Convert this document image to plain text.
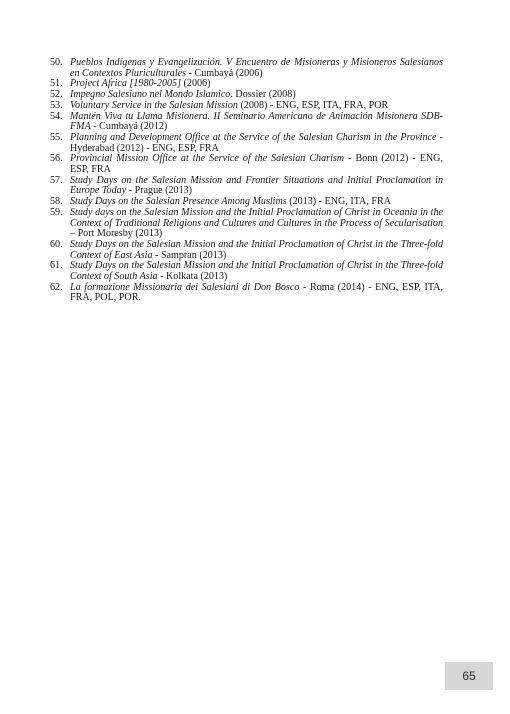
50. Pueblos Indígenas y Evangelización. V Encuentro de Misioneras y Misioneros Salesianos en Contextos Pluriculturales - Cumbayá (2006)
51. Project Africa [1980-2005] (2006)
52. Impegno Salesiano nel Mondo Islamico. Dossier (2008)
53. Voluntary Service in the Salesian Mission (2008) - ENG, ESP, ITA, FRA, POR
54. Mantén Viva tu Llama Misionera. II Seminario Americano de Animación Misionera SDB-FMA - Cumbayá (2012)
55. Planning and Development Office at the Service of the Salesian Charism in the Province - Hyderabad (2012) - ENG, ESP, FRA
56. Provincial Mission Office at the Service of the Salesian Charism - Bonn (2012) - ENG, ESP, FRA
57. Study Days on the Salesian Mission and Frontier Situations and Initial Proclamation in Europe Today - Prague (2013)
58. Study Days on the Salesian Presence Among Muslims (2013) - ENG, ITA, FRA
59. Study days on the Salesian Mission and the Initial Proclamation of Christ in Oceania in the Context of Traditional Religions and Cultures and Cultures in the Process of Secularisation – Port Moresby (2013)
60. Study Days on the Salesian Mission and the Initial Proclamation of Christ in the Three-fold Context of East Asia - Sampran (2013)
61. Study Days on the Salesian Mission and the Initial Proclamation of Christ in the Three-fold Context of South Asia - Kolkata (2013)
62. La formazione Missionaria dei Salesiani di Don Bosco - Roma (2014) - ENG, ESP, ITA, FRA, POL, POR.
65
